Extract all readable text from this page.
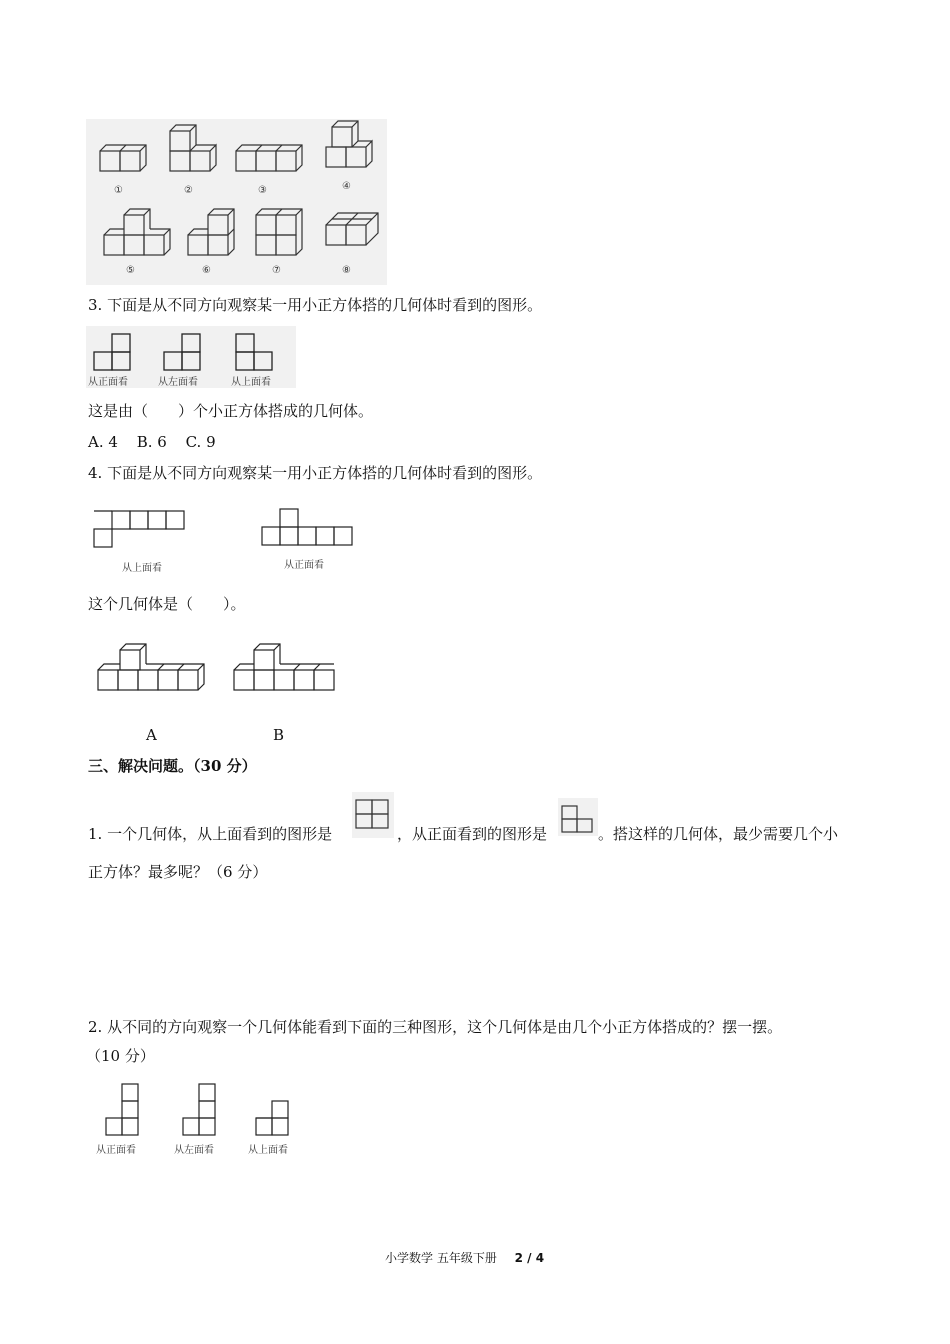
①	②	③	④
⑤	⑥	⑦	⑧
3. 下面是从不同方向观察某一用小正方体搭的几何体时看到的图形。
从正面看	从左面看	从上面看
这是由（　　）个小正方体搭成的几何体。
A. 4 B. 6 C. 9
4. 下面是从不同方向观察某一用小正方体搭的几何体时看到的图形。
从上面看	从正面看
这个几何体是（　　）。
A	B
三、解决问题。（30 分）
1. 一个几何体，从上面看到的图形是	，从正面看到的图形是	。搭这样的几何体，最少需要几个小
正方体？最多呢？（6 分）
2. 从不同的方向观察一个几何体能看到下面的三种图形，这个几何体是由几个小正方体搭成的？摆一摆。
（10 分）
从正面看	从左面看	从上面看
小学数学 五年级下册 2 / 4
